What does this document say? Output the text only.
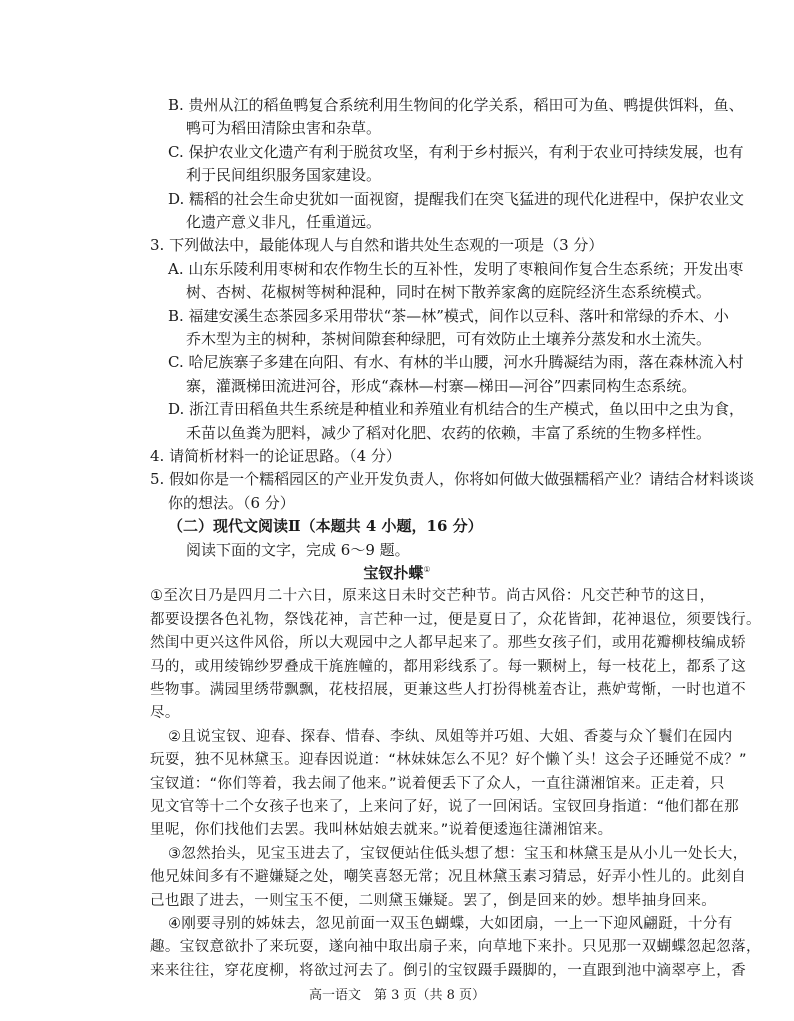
B. 贵州从江的稻鱼鸭复合系统利用生物间的化学关系，稻田可为鱼、鸭提供饵料，鱼、
鸭可为稻田清除虫害和杂草。
C. 保护农业文化遗产有利于脱贫攻坚，有利于乡村振兴，有利于农业可持续发展，也有
利于民间组织服务国家建设。
D. 糯稻的社会生命史犹如一面视窗，提醒我们在突飞猛进的现代化进程中，保护农业文
化遗产意义非凡，任重道远。
3. 下列做法中，最能体现人与自然和谐共处生态观的一项是（3 分）
A. 山东乐陵利用枣树和农作物生长的互补性，发明了枣粮间作复合生态系统；开发出枣
树、杏树、花椒树等树种混种，同时在树下散养家禽的庭院经济生态系统模式。
B. 福建安溪生态茶园多采用带状“茶—林”模式，间作以豆科、落叶和常绿的乔木、小
乔木型为主的树种，茶树间隙套种绿肥，可有效防止土壤养分蒸发和水土流失。
C. 哈尼族寨子多建在向阳、有水、有林的半山腰，河水升腾凝结为雨，落在森林流入村
寨，灌溉梯田流进河谷，形成“森林—村寨—梯田—河谷”四素同构生态系统。
D. 浙江青田稻鱼共生系统是种植业和养殖业有机结合的生产模式，鱼以田中之虫为食，
禾苗以鱼粪为肥料，减少了稻对化肥、农药的依赖，丰富了系统的生物多样性。
4. 请简析材料一的论证思路。（4 分）
5. 假如你是一个糯稻园区的产业开发负责人，你将如何做大做强糯稻产业？请结合材料谈谈
你的想法。（6 分）
（二）现代文阅读Ⅱ（本题共 4 小题，16 分）
阅读下面的文字，完成 6～9 题。
宝钗扑蝶①
①至次日乃是四月二十六日，原来这日未时交芒种节。尚古风俗：凡交芒种节的这日，
都要设摆各色礼物，祭饯花神，言芒种一过，便是夏日了，众花皆卸，花神退位，须要饯行。
然闺中更兴这件风俗，所以大观园中之人都早起来了。那些女孩子们，或用花瓣柳枝编成轿
马的，或用绫锦纱罗叠成干旄旌幢的，都用彩线系了。每一颗树上，每一枝花上，都系了这
些物事。满园里绣带飘飘，花枝招展，更兼这些人打扮得桃羞杏让，燕妒莺惭，一时也道不
尽。
②且说宝钗、迎春、探春、惜春、李纨、凤姐等并巧姐、大姐、香菱与众丫鬟们在园内
玩耍，独不见林黛玉。迎春因说道：“林妹妹怎么不见？好个懒丫头！这会子还睡觉不成？”
宝钗道：“你们等着，我去闹了他来。”说着便丢下了众人，一直往潇湘馆来。正走着，只
见文官等十二个女孩子也来了，上来问了好，说了一回闲话。宝钗回身指道：“他们都在那
里呢，你们找他们去罢。我叫林姑娘去就来。”说着便逶迤往潇湘馆来。
③忽然抬头，见宝玉进去了，宝钗便站住低头想了想：宝玉和林黛玉是从小儿一处长大，
他兄妹间多有不避嫌疑之处，嘲笑喜怒无常；况且林黛玉素习猜忌，好弄小性儿的。此刻自
己也跟了进去，一则宝玉不便，二则黛玉嫌疑。罢了，倒是回来的妙。想毕抽身回来。
高一语文　第 3 页（共 8 页）
④刚要寻别的姊妹去，忽见前面一双玉色蝴蝶，大如团扇，一上一下迎风翩跹，十分有
趣。宝钗意欲扑了来玩耍，遂向袖中取出扇子来，向草地下来扑。只见那一双蝴蝶忽起忽落，
来来往往，穿花度柳，将欲过河去了。倒引的宝钗蹑手蹑脚的，一直跟到池中滴翠亭上，香
